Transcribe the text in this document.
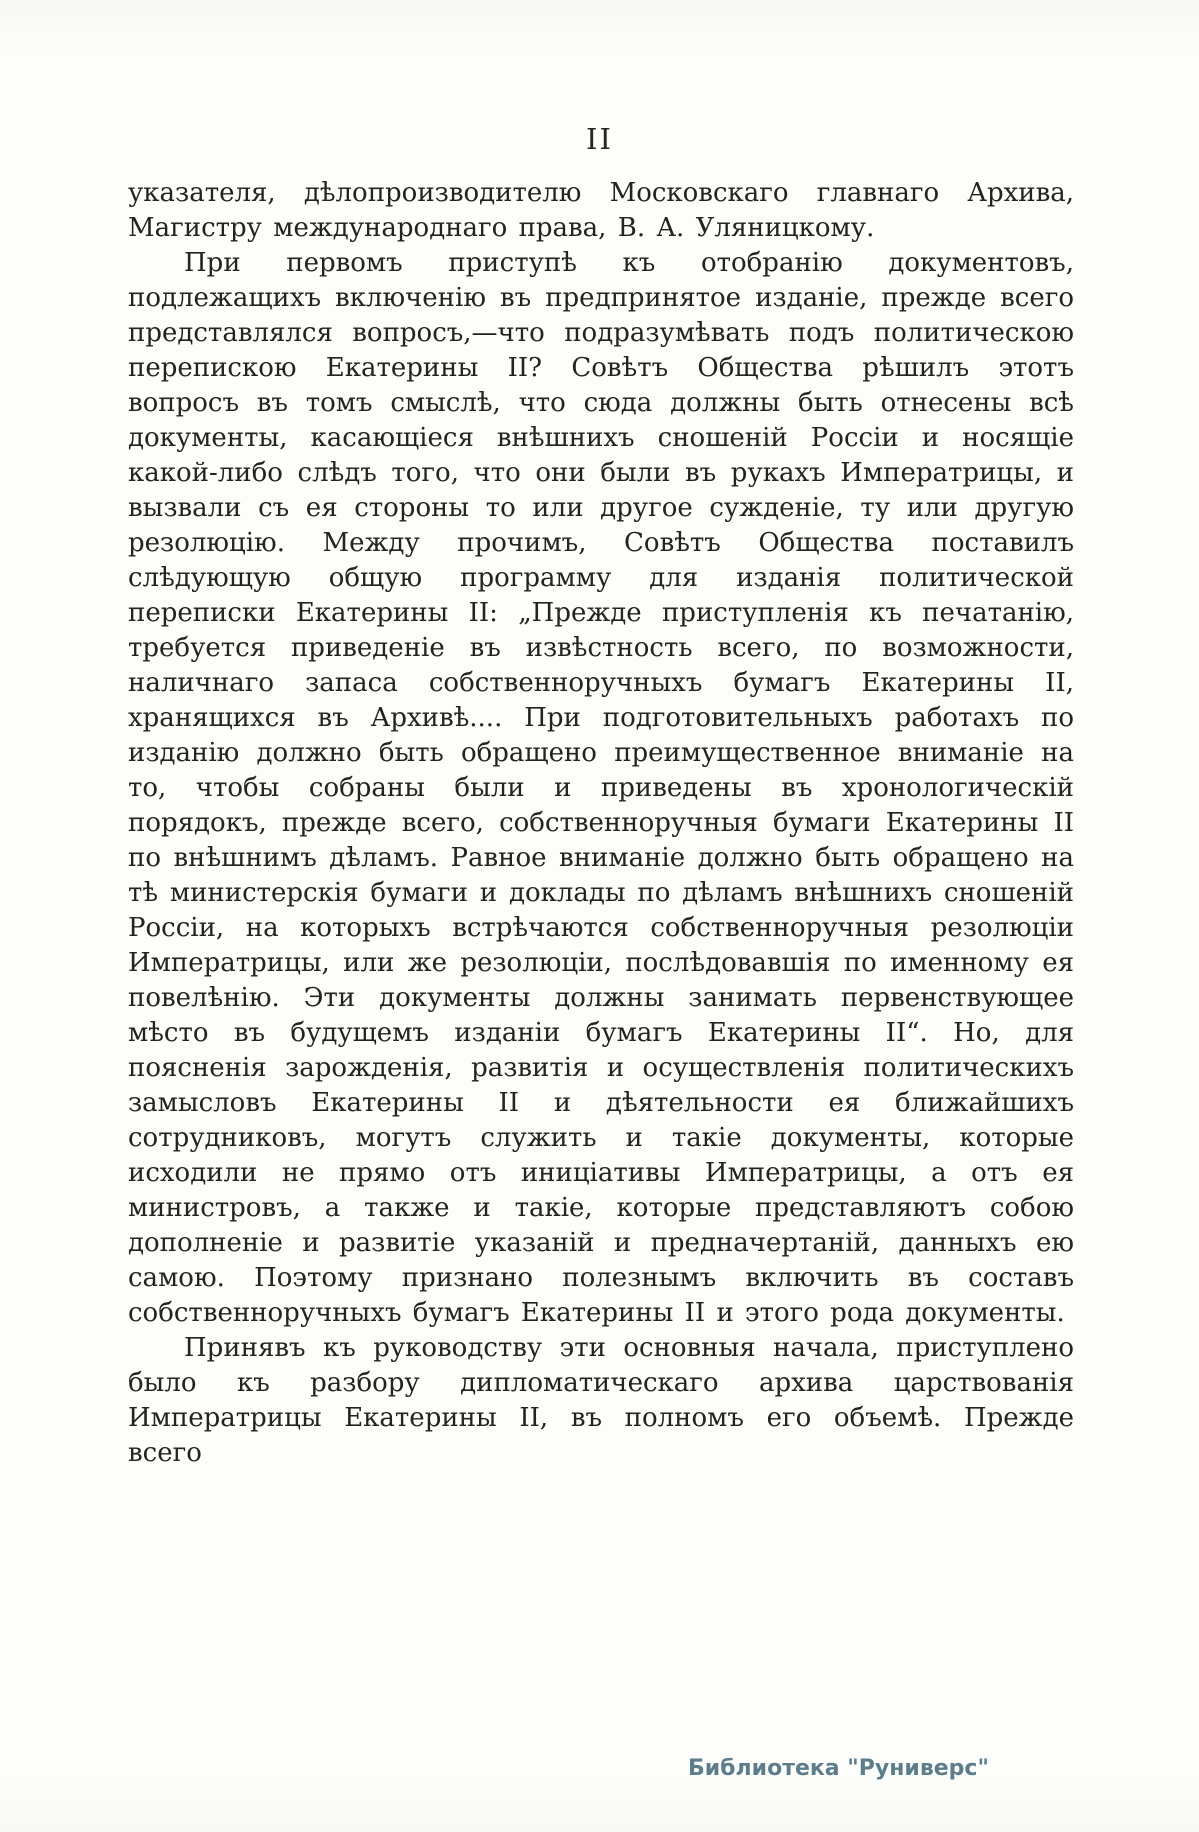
II

указателя, дѣлопроизводителю Московскаго главнаго Архива, Магистру международнаго права, В. А. Уляницкому.

При первомъ приступѣ къ отобранію документовъ, подлежащихъ включенію въ предпринятое изданіе, прежде всего представлялся вопросъ,—что подразумѣвать подъ политическою перепискою Екатерины II? Совѣтъ Общества рѣшилъ этотъ вопросъ въ томъ смыслѣ, что сюда должны быть отнесены всѣ документы, касающіеся внѣшнихъ сношеній Россіи и носящіе какой-либо слѣдъ того, что они были въ рукахъ Императрицы, и вызвали съ ея стороны то или другое сужденіе, ту или другую резолюцію. Между прочимъ, Совѣтъ Общества поставилъ слѣдующую общую программу для изданія политической переписки Екатерины II: „Прежде приступленія къ печатанію, требуется приведеніе въ извѣстность всего, по возможности, наличнаго запаса собственноручныхъ бумагъ Екатерины II, хранящихся въ Архивѣ.... При подготовительныхъ работахъ по изданію должно быть обращено преимущественное вниманіе на то, чтобы собраны были и приведены въ хронологическій порядокъ, прежде всего, собственноручныя бумаги Екатерины II по внѣшнимъ дѣламъ. Равное вниманіе должно быть обращено на тѣ министерскія бумаги и доклады по дѣламъ внѣшнихъ сношеній Россіи, на которыхъ встрѣчаются собственноручныя резолюціи Императрицы, или же резолюціи, послѣдовавшія по именному ея повелѣнію. Эти документы должны занимать первенствующее мѣсто въ будущемъ изданіи бумагъ Екатерины II“. Но, для поясненія зарожденія, развитія и осуществленія политическихъ замысловъ Екатерины II и дѣятельности ея ближайшихъ сотрудниковъ, могутъ служить и такіе документы, которые исходили не прямо отъ иниціативы Императрицы, а отъ ея министровъ, а также и такіе, которые представляютъ собою дополненіе и развитіе указаній и предначертаній, данныхъ ею самою. Поэтому признано полезнымъ включить въ составъ собственноручныхъ бумагъ Екатерины II и этого рода документы.

Принявъ къ руководству эти основныя начала, приступлено было къ разбору дипломатическаго архива царствованія Императрицы Екатерины II, въ полномъ его объемѣ. Прежде всего

Библиотека "Руниверс"
